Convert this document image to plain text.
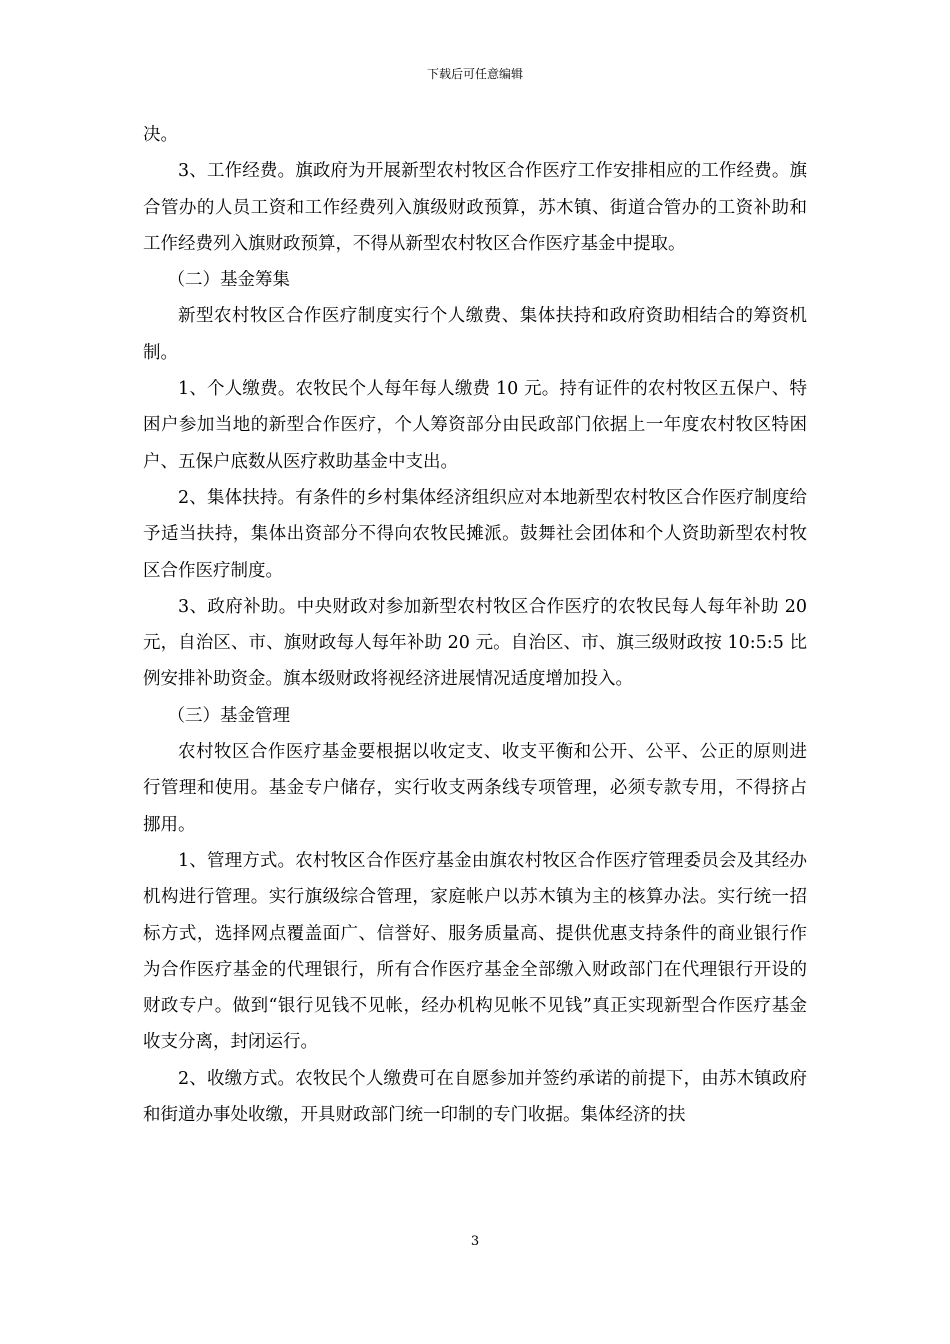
下载后可任意编辑

决。

3、工作经费。旗政府为开展新型农村牧区合作医疗工作安排相应的工作经费。旗合管办的人员工资和工作经费列入旗级财政预算，苏木镇、街道合管办的工资补助和工作经费列入旗财政预算，不得从新型农村牧区合作医疗基金中提取。

（二）基金筹集

新型农村牧区合作医疗制度实行个人缴费、集体扶持和政府资助相结合的筹资机制。

1、个人缴费。农牧民个人每年每人缴费 10 元。持有证件的农村牧区五保户、特困户参加当地的新型合作医疗，个人筹资部分由民政部门依据上一年度农村牧区特困户、五保户底数从医疗救助基金中支出。

2、集体扶持。有条件的乡村集体经济组织应对本地新型农村牧区合作医疗制度给予适当扶持，集体出资部分不得向农牧民摊派。鼓舞社会团体和个人资助新型农村牧区合作医疗制度。

3、政府补助。中央财政对参加新型农村牧区合作医疗的农牧民每人每年补助 20 元，自治区、市、旗财政每人每年补助 20 元。自治区、市、旗三级财政按 10:5:5 比例安排补助资金。旗本级财政将视经济进展情况适度增加投入。

（三）基金管理

农村牧区合作医疗基金要根据以收定支、收支平衡和公开、公平、公正的原则进行管理和使用。基金专户储存，实行收支两条线专项管理，必须专款专用，不得挤占挪用。

1、管理方式。农村牧区合作医疗基金由旗农村牧区合作医疗管理委员会及其经办机构进行管理。实行旗级综合管理，家庭帐户以苏木镇为主的核算办法。实行统一招标方式，选择网点覆盖面广、信誉好、服务质量高、提供优惠支持条件的商业银行作为合作医疗基金的代理银行，所有合作医疗基金全部缴入财政部门在代理银行开设的财政专户。做到“银行见钱不见帐，经办机构见帐不见钱”真正实现新型合作医疗基金收支分离，封闭运行。

2、收缴方式。农牧民个人缴费可在自愿参加并签约承诺的前提下，由苏木镇政府和街道办事处收缴，开具财政部门统一印制的专门收据。集体经济的扶

3
